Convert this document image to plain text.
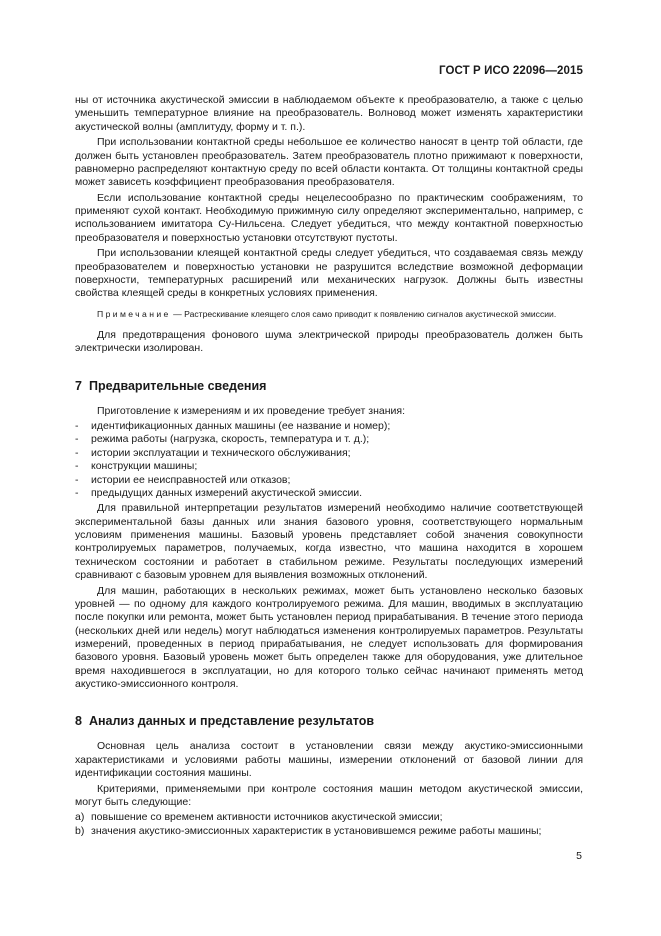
ГОСТ Р ИСО 22096—2015

ны от источника акустической эмиссии в наблюдаемом объекте к преобразователю, а также с целью уменьшить температурное влияние на преобразователь. Волновод может изменять характеристики акустической волны (амплитуду, форму и т. п.).

При использовании контактной среды небольшое ее количество наносят в центр той области, где должен быть установлен преобразователь. Затем преобразователь плотно прижимают к поверхности, равномерно распределяют контактную среду по всей области контакта. От толщины контактной среды может зависеть коэффициент преобразования преобразователя.

Если использование контактной среды нецелесообразно по практическим соображениям, то применяют сухой контакт. Необходимую прижимную силу определяют экспериментально, например, с использованием имитатора Су-Нильсена. Следует убедиться, что между контактной поверхностью преобразователя и поверхностью установки отсутствуют пустоты.

При использовании клеящей контактной среды следует убедиться, что создаваемая связь между преобразователем и поверхностью установки не разрушится вследствие возможной деформации поверхности, температурных расширений или механических нагрузок. Должны быть известны свойства клеящей среды в конкретных условиях применения.

Примечание — Растрескивание клеящего слоя само приводит к появлению сигналов акустической эмиссии.

Для предотвращения фонового шума электрической природы преобразователь должен быть электрически изолирован.

7 Предварительные сведения

Приготовление к измерениям и их проведение требует знания:

- идентификационных данных машины (ее название и номер);
- режима работы (нагрузка, скорость, температура и т. д.);
- истории эксплуатации и технического обслуживания;
- конструкции машины;
- истории ее неисправностей или отказов;
- предыдущих данных измерений акустической эмиссии.

Для правильной интерпретации результатов измерений необходимо наличие соответствующей экспериментальной базы данных или знания базового уровня, соответствующего нормальным условиям применения машины. Базовый уровень представляет собой значения совокупности контролируемых параметров, получаемых, когда известно, что машина находится в хорошем техническом состоянии и работает в стабильном режиме. Результаты последующих измерений сравнивают с базовым уровнем для выявления возможных отклонений.

Для машин, работающих в нескольких режимах, может быть установлено несколько базовых уровней — по одному для каждого контролируемого режима. Для машин, вводимых в эксплуатацию после покупки или ремонта, может быть установлен период прирабатывания. В течение этого периода (нескольких дней или недель) могут наблюдаться изменения контролируемых параметров. Результаты измерений, проведенных в период прирабатывания, не следует использовать для формирования базового уровня. Базовый уровень может быть определен также для оборудования, уже длительное время находившегося в эксплуатации, но для которого только сейчас начинают применять метод акустико-эмиссионного контроля.

8 Анализ данных и представление результатов

Основная цель анализа состоит в установлении связи между акустико-эмиссионными характеристиками и условиями работы машины, измерении отклонений от базовой линии для идентификации состояния машины.

Критериями, применяемыми при контроле состояния машин методом акустической эмиссии, могут быть следующие:

a) повышение со временем активности источников акустической эмиссии;
b) значения акустико-эмиссионных характеристик в установившемся режиме работы машины;
5
